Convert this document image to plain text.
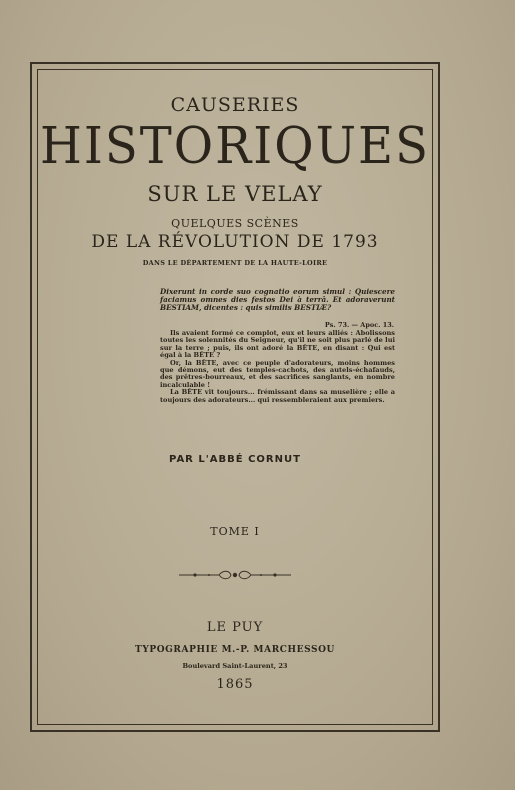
CAUSERIES
HISTORIQUES
SUR LE VELAY
QUELQUES SCÈNES
DE LA RÉVOLUTION DE 1793
DANS LE DÉPARTEMENT DE LA HAUTE-LOIRE
Dixerunt in corde suo cognatio eorum simul : Quiescere faciamus omnes dies festos Dei à terrâ. Et adoraverunt BESTIAM, dicentes : quis similis BESTIÆ?
Ps. 73. — Apoc. 13.

Ils avaient formé ce complot, eux et leurs alliés : Abolissons toutes les solennités du Seigneur, qu'il ne soit plus parlé de lui sur la terre ; puis, ils ont adoré la BÊTE, en disant : Qui est égal à la BÊTE ?

Or, la BÊTE, avec ce peuple d'adorateurs, moins hommes que démons, eut des temples-cachots, des autels-échafauds, des prêtres-bourreaux, et des sacrifices sanglants, en nombre incalculable !

La BÊTE vit toujours... frémissant dans sa muselière ; elle a toujours des adorateurs... qui ressembleraient aux premiers.

PAR L'ABBÉ CORNUT
TOME I
LE PUY
TYPOGRAPHIE M.-P. MARCHESSOU
Boulevard Saint-Laurent, 23
1865
